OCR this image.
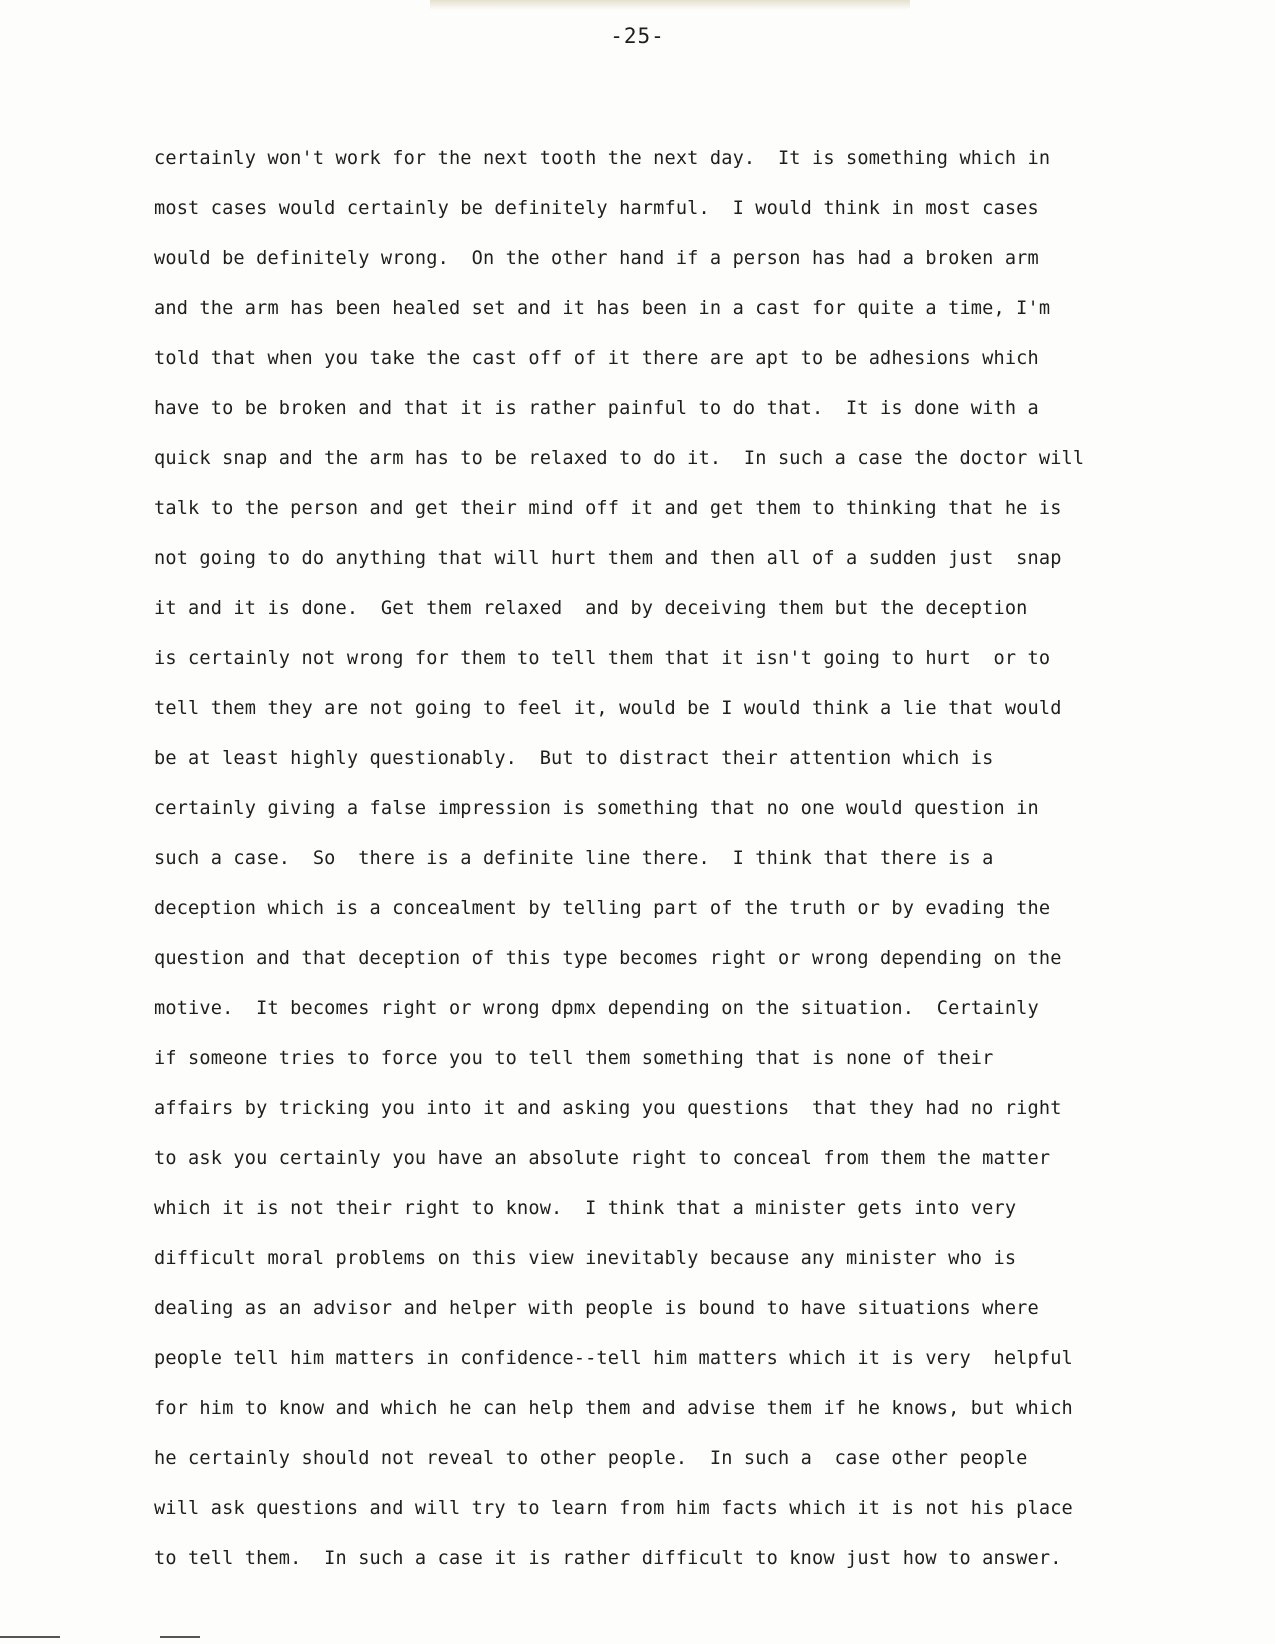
-25-
certainly won't work for the next tooth the next day.  It is something which in
most cases would certainly be definitely harmful.  I would think in most cases
would be definitely wrong.  On the other hand if a person has had a broken arm
and the arm has been healed set and it has been in a cast for quite a time, I'm
told that when you take the cast off of it there are apt to be adhesions which
have to be broken and that it is rather painful to do that.  It is done with a
quick snap and the arm has to be relaxed to do it.  In such a case the doctor will
talk to the person and get their mind off it and get them to thinking that he is
not going to do anything that will hurt them and then all of a sudden just  snap
it and it is done.  Get them relaxed  and by deceiving them but the deception
is certainly not wrong for them to tell them that it isn't going to hurt  or to
tell them they are not going to feel it, would be I would think a lie that would
be at least highly questionably.  But to distract their attention which is
certainly giving a false impression is something that no one would question in
such a case.  So  there is a definite line there.  I think that there is a
deception which is a concealment by telling part of the truth or by evading the
question and that deception of this type becomes right or wrong depending on the
motive.  It becomes right or wrong dpmx depending on the situation.  Certainly
if someone tries to force you to tell them something that is none of their
affairs by tricking you into it and asking you questions  that they had no right
to ask you certainly you have an absolute right to conceal from them the matter
which it is not their right to know.  I think that a minister gets into very
difficult moral problems on this view inevitably because any minister who is
dealing as an advisor and helper with people is bound to have situations where
people tell him matters in confidence--tell him matters which it is very  helpful
for him to know and which he can help them and advise them if he knows, but which
he certainly should not reveal to other people.  In such a  case other people
will ask questions and will try to learn from him facts which it is not his place
to tell them.  In such a case it is rather difficult to know just how to answer.
